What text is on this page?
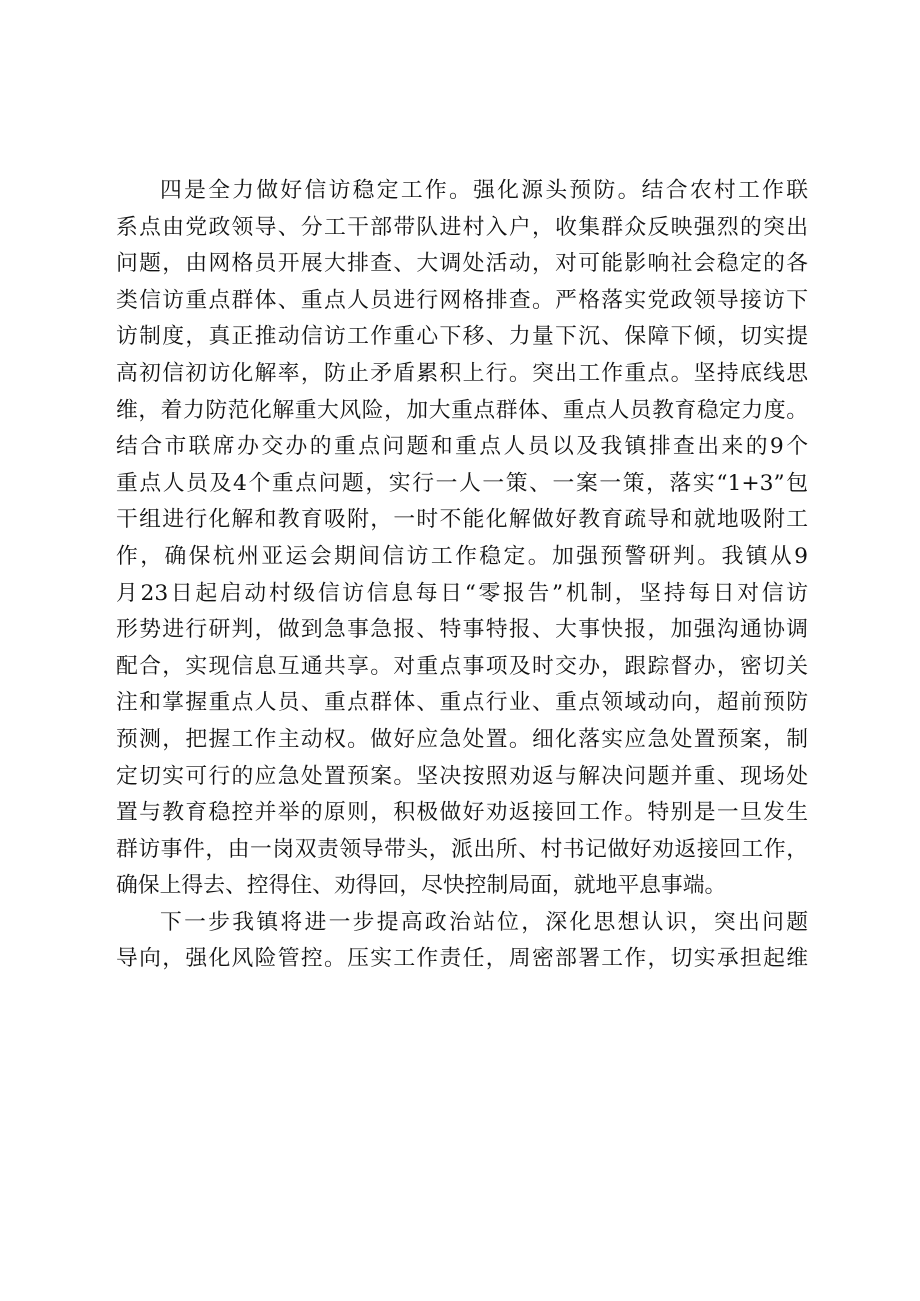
四是全力做好信访稳定工作。强化源头预防。结合农村工作联
系点由党政领导、分工干部带队进村入户，收集群众反映强烈的突出
问题，由网格员开展大排查、大调处活动，对可能影响社会稳定的各
类信访重点群体、重点人员进行网格排查。严格落实党政领导接访下
访制度，真正推动信访工作重心下移、力量下沉、保障下倾，切实提
高初信初访化解率，防止矛盾累积上行。突出工作重点。坚持底线思
维，着力防范化解重大风险，加大重点群体、重点人员教育稳定力度。
结合市联席办交办的重点问题和重点人员以及我镇排查出来的9个
重点人员及4个重点问题，实行一人一策、一案一策，落实“1+3”包
干组进行化解和教育吸附，一时不能化解做好教育疏导和就地吸附工
作，确保杭州亚运会期间信访工作稳定。加强预警研判。我镇从9
月23日起启动村级信访信息每日“零报告”机制，坚持每日对信访
形势进行研判，做到急事急报、特事特报、大事快报，加强沟通协调
配合，实现信息互通共享。对重点事项及时交办，跟踪督办，密切关
注和掌握重点人员、重点群体、重点行业、重点领域动向，超前预防
预测，把握工作主动权。做好应急处置。细化落实应急处置预案，制
定切实可行的应急处置预案。坚决按照劝返与解决问题并重、现场处
置与教育稳控并举的原则，积极做好劝返接回工作。特别是一旦发生
群访事件，由一岗双责领导带头，派出所、村书记做好劝返接回工作，
确保上得去、控得住、劝得回，尽快控制局面，就地平息事端。
下一步我镇将进一步提高政治站位，深化思想认识，突出问题
导向，强化风险管控。压实工作责任，周密部署工作，切实承担起维
